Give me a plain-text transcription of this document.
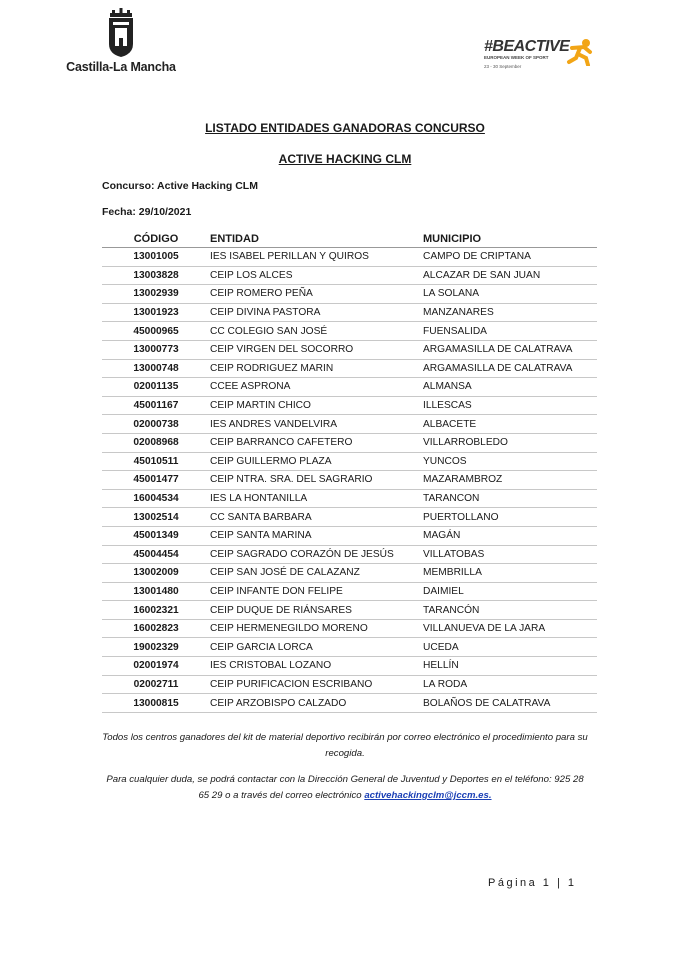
Castilla-La Mancha
#BEACTIVE
EUROPEAN WEEK OF SPORT
23 - 30 September
LISTADO ENTIDADES GANADORAS CONCURSO
ACTIVE HACKING CLM
Concurso: Active Hacking CLM
Fecha: 29/10/2021
CÓDIGO	ENTIDAD	MUNICIPIO
13001005	IES ISABEL PERILLAN Y QUIROS	CAMPO DE CRIPTANA
13003828	CEIP LOS ALCES	ALCAZAR DE SAN JUAN
13002939	CEIP ROMERO PEÑA	LA SOLANA
13001923	CEIP DIVINA PASTORA	MANZANARES
45000965	CC COLEGIO SAN JOSÉ	FUENSALIDA
13000773	CEIP VIRGEN DEL SOCORRO	ARGAMASILLA DE CALATRAVA
13000748	CEIP RODRIGUEZ MARIN	ARGAMASILLA DE CALATRAVA
02001135	CCEE ASPRONA	ALMANSA
45001167	CEIP MARTIN CHICO	ILLESCAS
02000738	IES ANDRES VANDELVIRA	ALBACETE
02008968	CEIP BARRANCO CAFETERO	VILLARROBLEDO
45010511	CEIP GUILLERMO PLAZA	YUNCOS
45001477	CEIP NTRA. SRA. DEL SAGRARIO	MAZARAMBROZ
16004534	IES LA HONTANILLA	TARANCON
13002514	CC SANTA BARBARA	PUERTOLLANO
45001349	CEIP SANTA MARINA	MAGÁN
45004454	CEIP SAGRADO CORAZÓN DE JESÚS	VILLATOBAS
13002009	CEIP SAN JOSÉ DE CALAZANZ	MEMBRILLA
13001480	CEIP INFANTE DON FELIPE	DAIMIEL
16002321	CEIP DUQUE DE RIÁNSARES	TARANCÓN
16002823	CEIP HERMENEGILDO MORENO	VILLANUEVA DE LA JARA
19002329	CEIP GARCIA LORCA	UCEDA
02001974	IES CRISTOBAL LOZANO	HELLÍN
02002711	CEIP PURIFICACION ESCRIBANO	LA RODA
13000815	CEIP ARZOBISPO CALZADO	BOLAÑOS DE CALATRAVA
Todos los centros ganadores del kit de material deportivo recibirán por correo electrónico el procedimiento para su recogida.
Para cualquier duda, se podrá contactar con la Dirección General de Juventud y Deportes en el teléfono: 925 28 65 29 o a través del correo electrónico activehackingclm@jccm.es.
Página 1 | 1
